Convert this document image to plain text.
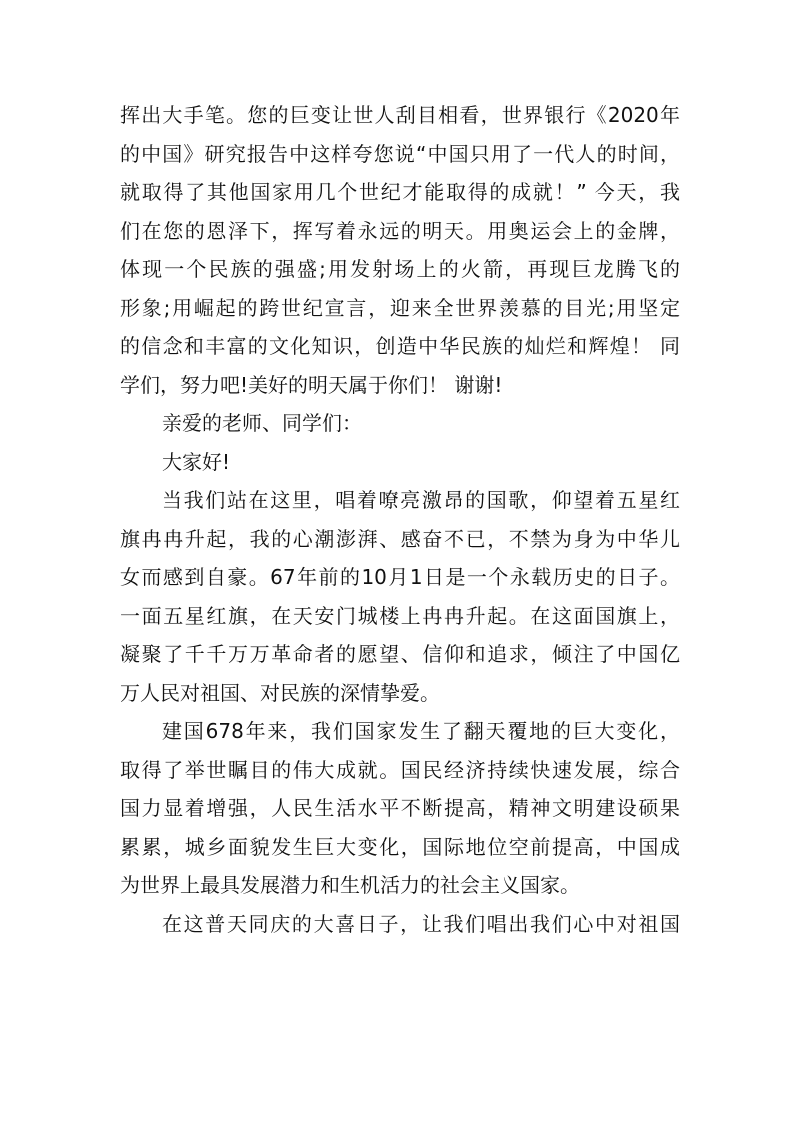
挥出大手笔。您的巨变让世人刮目相看，世界银行《2020年
的中国》研究报告中这样夸您说“中国只用了一代人的时间，
就取得了其他国家用几个世纪才能取得的成就！” 今天，我
们在您的恩泽下，挥写着永远的明天。用奥运会上的金牌，
体现一个民族的强盛;用发射场上的火箭，再现巨龙腾飞的
形象;用崛起的跨世纪宣言，迎来全世界羡慕的目光;用坚定
的信念和丰富的文化知识，创造中华民族的灿烂和辉煌！ 同
学们，努力吧!美好的明天属于你们！ 谢谢!
亲爱的老师、同学们：
大家好!
当我们站在这里，唱着嘹亮激昂的国歌，仰望着五星红
旗冉冉升起，我的心潮澎湃、感奋不已，不禁为身为中华儿
女而感到自豪。67年前的10月1日是一个永载历史的日子。
一面五星红旗，在天安门城楼上冉冉升起。在这面国旗上，
凝聚了千千万万革命者的愿望、信仰和追求，倾注了中国亿
万人民对祖国、对民族的深情挚爱。
建国678年来，我们国家发生了翻天覆地的巨大变化，
取得了举世瞩目的伟大成就。国民经济持续快速发展，综合
国力显着增强，人民生活水平不断提高，精神文明建设硕果
累累，城乡面貌发生巨大变化，国际地位空前提高，中国成
为世界上最具发展潜力和生机活力的社会主义国家。
在这普天同庆的大喜日子，让我们唱出我们心中对祖国
